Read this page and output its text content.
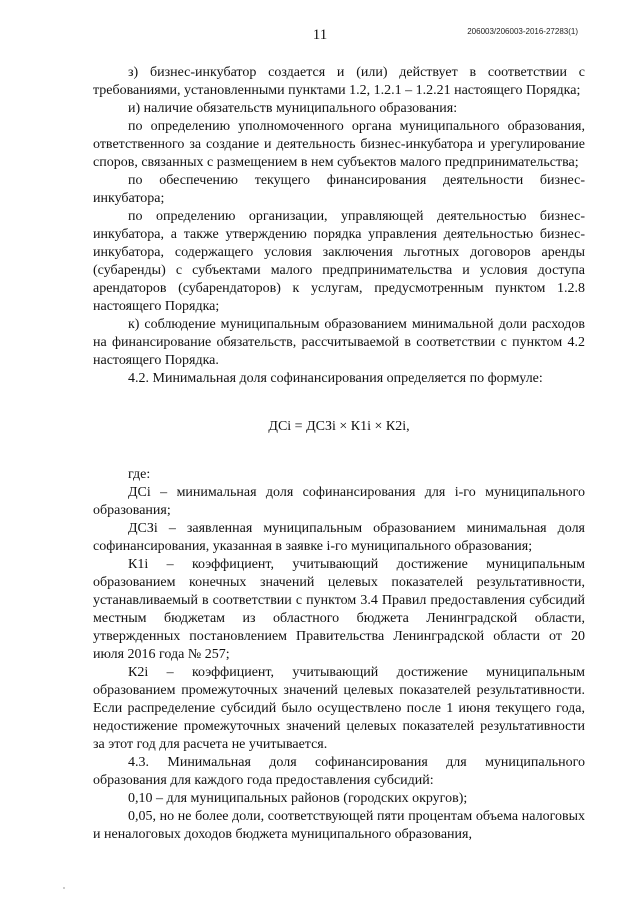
11	206003/206003-2016-27283(1)

з) бизнес-инкубатор создается и (или) действует в соответствии с требованиями, установленными пунктами 1.2, 1.2.1 – 1.2.21 настоящего Порядка;

и) наличие обязательств муниципального образования:

по определению уполномоченного органа муниципального образования, ответственного за создание и деятельность бизнес-инкубатора и урегулирование споров, связанных с размещением в нем субъектов малого предпринимательства;

по обеспечению текущего финансирования деятельности бизнес-инкубатора;

по определению организации, управляющей деятельностью бизнес-инкубатора, а также утверждению порядка управления деятельностью бизнес-инкубатора, содержащего условия заключения льготных договоров аренды (субаренды) с субъектами малого предпринимательства и условия доступа арендаторов (субарендаторов) к услугам, предусмотренным пунктом 1.2.8 настоящего Порядка;

к) соблюдение муниципальным образованием минимальной доли расходов на финансирование обязательств, рассчитываемой в соответствии с пунктом 4.2 настоящего Порядка.

4.2. Минимальная доля софинансирования определяется по формуле:

ДСi = ДСЗi × К1i × К2i,

где:

ДСi – минимальная доля софинансирования для i-го муниципального образования;

ДСЗi – заявленная муниципальным образованием минимальная доля софинансирования, указанная в заявке i-го муниципального образования;

К1i – коэффициент, учитывающий достижение муниципальным образованием конечных значений целевых показателей результативности, устанавливаемый в соответствии с пунктом 3.4 Правил предоставления субсидий местным бюджетам из областного бюджета Ленинградской области, утвержденных постановлением Правительства Ленинградской области от 20 июля 2016 года № 257;

К2i – коэффициент, учитывающий достижение муниципальным образованием промежуточных значений целевых показателей результативности. Если распределение субсидий было осуществлено после 1 июня текущего года, недостижение промежуточных значений целевых показателей результативности за этот год для расчета не учитывается.

4.3. Минимальная доля софинансирования для муниципального образования для каждого года предоставления субсидий:

0,10 – для муниципальных районов (городских округов);

0,05, но не более доли, соответствующей пяти процентам объема налоговых и неналоговых доходов бюджета муниципального образования,
